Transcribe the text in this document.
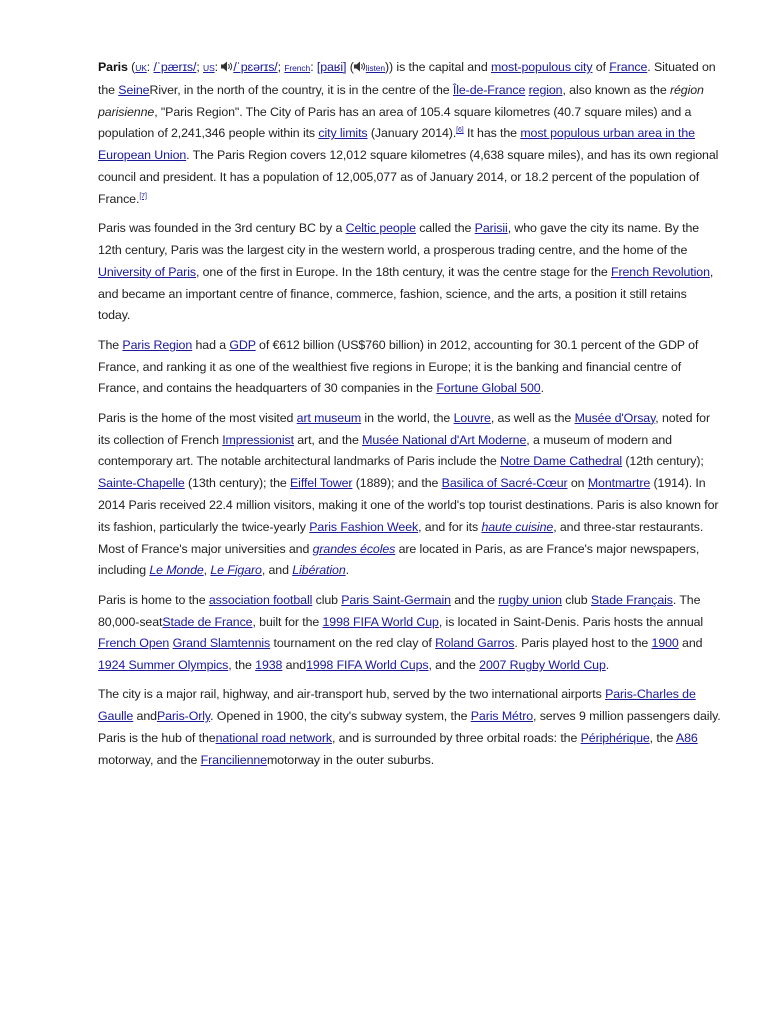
Paris (UK: /ˈpærɪs/; US: /ˈpɛərɪs/; French: [paʁi] ( listen)) is the capital and most-populous city of France. Situated on the SeineRiver, in the north of the country, it is in the centre of the Île-de-France region, also known as the région parisienne, "Paris Region". The City of Paris has an area of 105.4 square kilometres (40.7 square miles) and a population of 2,241,346 people within its city limits (January 2014).[6] It has the most populous urban area in the European Union. The Paris Region covers 12,012 square kilometres (4,638 square miles), and has its own regional council and president. It has a population of 12,005,077 as of January 2014, or 18.2 percent of the population of France.[7]

Paris was founded in the 3rd century BC by a Celtic people called the Parisii, who gave the city its name. By the 12th century, Paris was the largest city in the western world, a prosperous trading centre, and the home of the University of Paris, one of the first in Europe. In the 18th century, it was the centre stage for the French Revolution, and became an important centre of finance, commerce, fashion, science, and the arts, a position it still retains today.

The Paris Region had a GDP of €612 billion (US$760 billion) in 2012, accounting for 30.1 percent of the GDP of France, and ranking it as one of the wealthiest five regions in Europe; it is the banking and financial centre of France, and contains the headquarters of 30 companies in the Fortune Global 500.

Paris is the home of the most visited art museum in the world, the Louvre, as well as the Musée d'Orsay, noted for its collection of French Impressionist art, and the Musée National d'Art Moderne, a museum of modern and contemporary art. The notable architectural landmarks of Paris include the Notre Dame Cathedral (12th century); Sainte-Chapelle (13th century); the Eiffel Tower (1889); and the Basilica of Sacré-Cœur on Montmartre (1914). In 2014 Paris received 22.4 million visitors, making it one of the world's top tourist destinations. Paris is also known for its fashion, particularly the twice-yearly Paris Fashion Week, and for its haute cuisine, and three-star restaurants. Most of France's major universities and grandes écoles are located in Paris, as are France's major newspapers, including Le Monde, Le Figaro, and Libération.

Paris is home to the association football club Paris Saint-Germain and the rugby union club Stade Français. The 80,000-seatStade de France, built for the 1998 FIFA World Cup, is located in Saint-Denis. Paris hosts the annual French Open Grand Slamtennis tournament on the red clay of Roland Garros. Paris played host to the 1900 and 1924 Summer Olympics, the 1938 and1998 FIFA World Cups, and the 2007 Rugby World Cup.

The city is a major rail, highway, and air-transport hub, served by the two international airports Paris-Charles de Gaulle andParis-Orly. Opened in 1900, the city's subway system, the Paris Métro, serves 9 million passengers daily. Paris is the hub of thenational road network, and is surrounded by three orbital roads: the Périphérique, the A86 motorway, and the Franciliennemotorway in the outer suburbs.
